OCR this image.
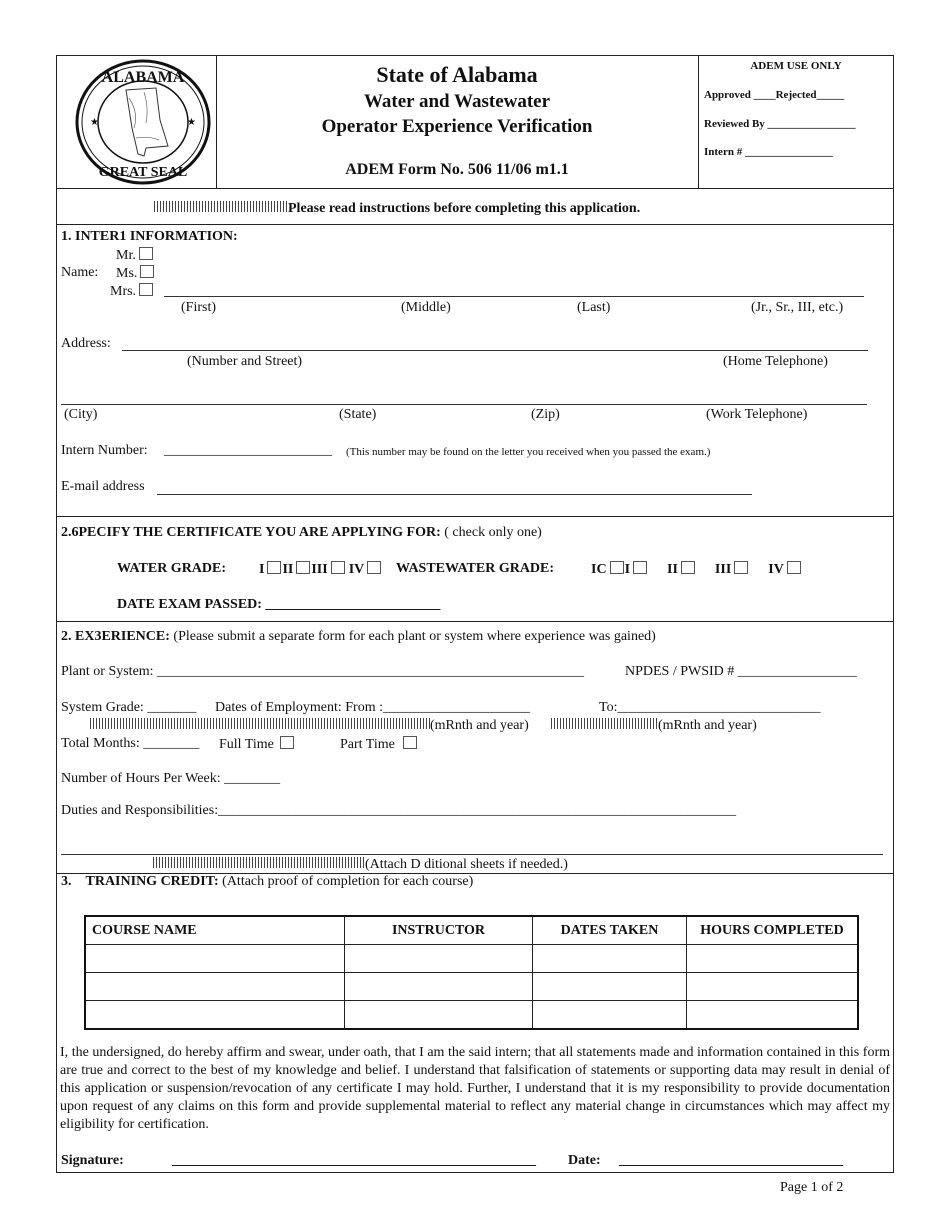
★	★
ALABAMA
GREAT SEAL
State of Alabama
Water and Wastewater
Operator Experience Verification
ADEM Form No. 506 11/06 m1.1
ADEM USE ONLY
Approved ____Rejected_____
Reviewed By ________________
Intern # ________________
Please read instructions before completing this application.
1. INTER1 INFORMATION:
Mr.
Name: Ms.
Mrs.
(First)	(Middle)	(Last)	(Jr., Sr., III, etc.)
Address:
(Number and Street)	(Home Telephone)
(City)	(State)	(Zip)	(Work Telephone)
Intern Number: ________________________ (This number may be found on the letter you received when you passed the exam.)
E-mail address
2.6PECIFY THE CERTIFICATE YOU ARE APPLYING FOR: ( check only one)
WATER GRADE: I II III IV	WASTEWATER GRADE:	IC I	II	III	IV
DATE EXAM PASSED: _________________________
2. EX3ERIENCE: (Please submit a separate form for each plant or system where experience was gained)
Plant or System: _____________________________________________________________	NPDES / PWSID # _________________
System Grade: _______ Dates of Employment: From :_____________________	To:_____________________________
(mRnth and year)	(mRnth and year)
Total Months: ________ Full Time	Part Time
Number of Hours Per Week: ________
Duties and Responsibilities:__________________________________________________________________________
(Attach D ditional sheets if needed.)
3. TRAINING CREDIT: (Attach proof of completion for each course)
COURSE NAME	INSTRUCTOR	DATES TAKEN	HOURS COMPLETED

I, the undersigned, do hereby affirm and swear, under oath, that I am the said intern; that all statements made and information contained in this form are true and correct to the best of my knowledge and belief. I understand that falsification of statements or supporting data may result in denial of this application or suspension/revocation of any certificate I may hold. Further, I understand that it is my responsibility to provide documentation upon request of any claims on this form and provide supplemental material to reflect any material change in circumstances which may affect my eligibility for certification.
Signature:	____________________________________________________ Date: ________________________________
Page 1 of 2
